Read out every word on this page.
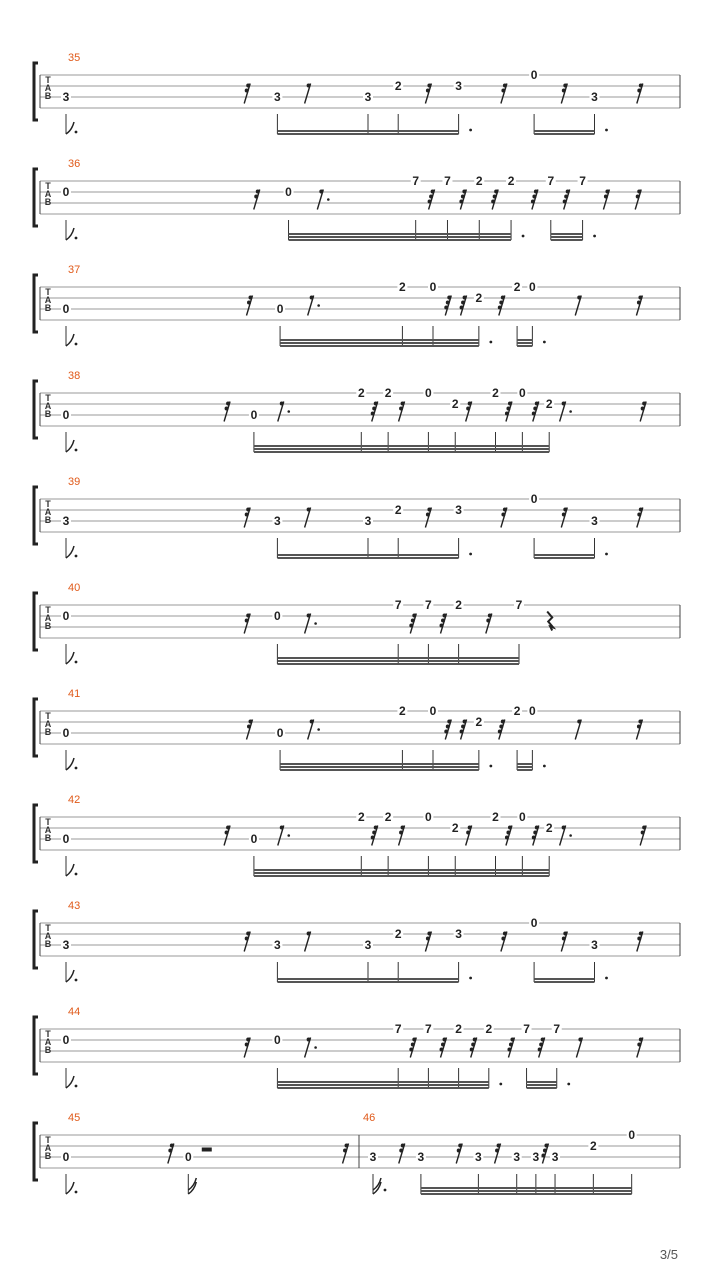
T
A
B
35
3	3	3
2	3
0
3
T
A
B
36
0	0
7 7 2 2	7 7
T
A
B
37
0	0
2 0
2
2 0
T
A
B
38
0	0
2 2	0
2
2 0
2
T
A
B
39
3	3	3
2	3
0
3
T
A
B
40
0	0
7 7 2	7
T
A
B
41
0	0
2 0
2
2 0
T
A
B
42
0	0
2 2	0
2
2 0
2
T
A
B
43
3	3	3
2	3
0
3
T
A
B
44
0	0
7 7 2 2	7 7
T
A
B
45
0	0
46
3	3	3	3 3 3
2
0
3/5
